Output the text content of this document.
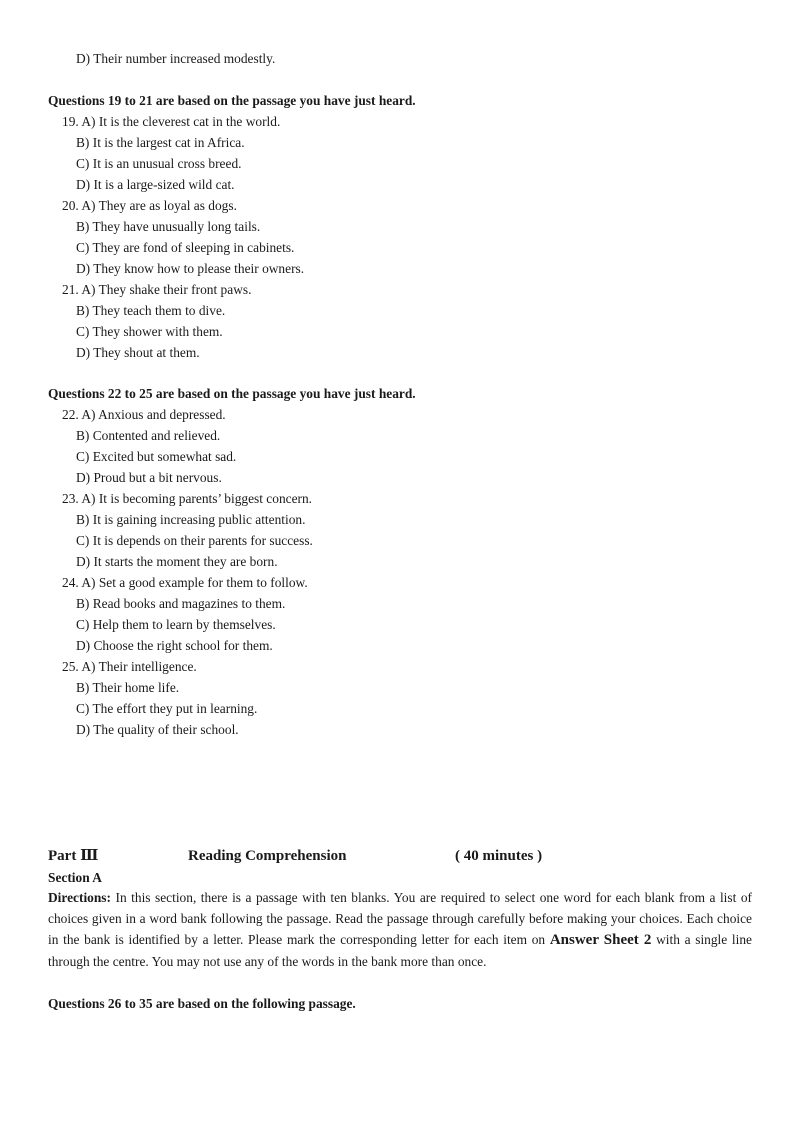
D) Their number increased modestly.
Questions 19 to 21 are based on the passage you have just heard.
19. A) It is the cleverest cat in the world.
B) It is the largest cat in Africa.
C) It is an unusual cross breed.
D) It is a large-sized wild cat.
20. A) They are as loyal as dogs.
B) They have unusually long tails.
C) They are fond of sleeping in cabinets.
D) They know how to please their owners.
21. A) They shake their front paws.
B) They teach them to dive.
C) They shower with them.
D) They shout at them.
Questions 22 to 25 are based on the passage you have just heard.
22. A) Anxious and depressed.
B) Contented and relieved.
C) Excited but somewhat sad.
D) Proud but a bit nervous.
23. A) It is becoming parents’ biggest concern.
B) It is gaining increasing public attention.
C) It is depends on their parents for success.
D) It starts the moment they are born.
24. A) Set a good example for them to follow.
B) Read books and magazines to them.
C) Help them to learn by themselves.
D) Choose the right school for them.
25. A) Their intelligence.
B) Their home life.
C) The effort they put in learning.
D) The quality of their school.
Part Ⅲ	Reading Comprehension	( 40 minutes )
Section A
Directions: In this section, there is a passage with ten blanks. You are required to select one word for each blank from a list of choices given in a word bank following the passage. Read the passage through carefully before making your choices. Each choice in the bank is identified by a letter. Please mark the corresponding letter for each item on Answer Sheet 2 with a single line through the centre. You may not use any of the words in the bank more than once.
Questions 26 to 35 are based on the following passage.
